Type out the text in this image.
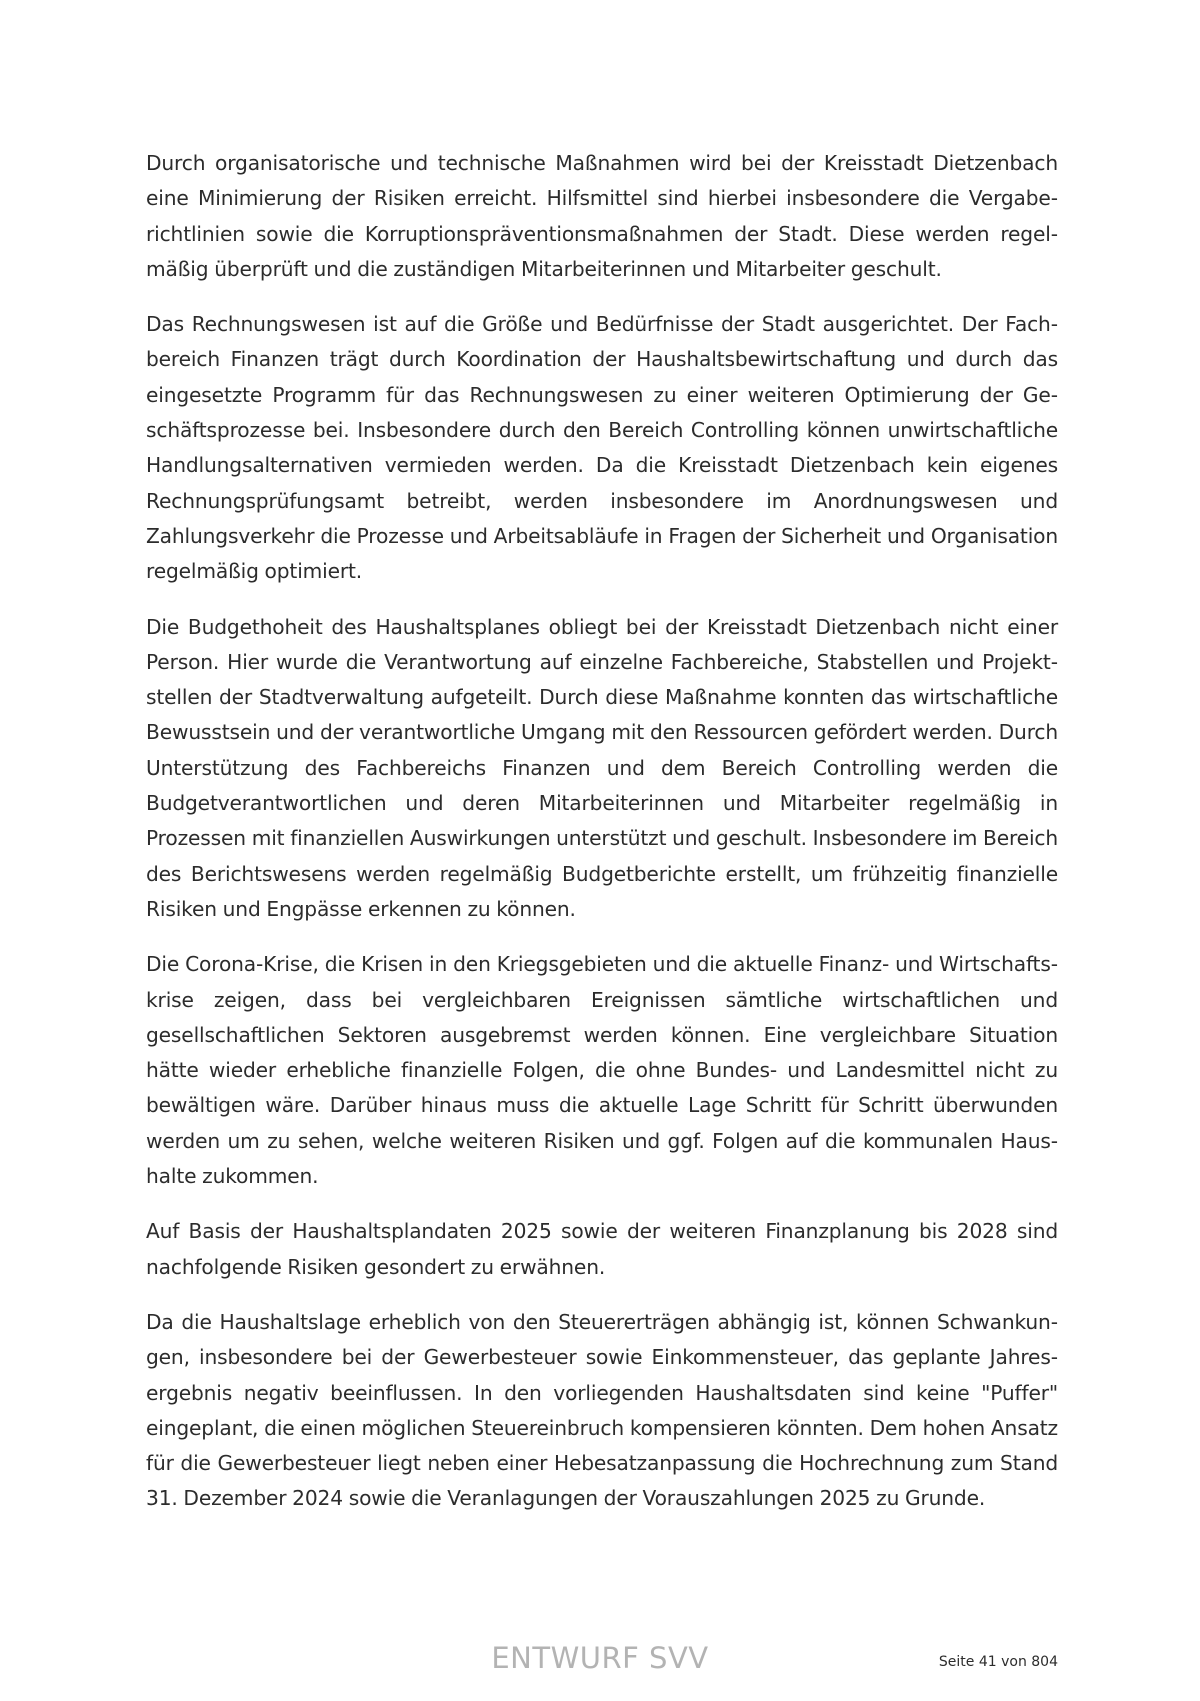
Durch organisatorische und technische Maßnahmen wird bei der Kreisstadt Dietzenbach eine Minimierung der Risiken erreicht. Hilfsmittel sind hierbei insbesondere die Vergaberichtlinien sowie die Korruptionspräventionsmaßnahmen der Stadt. Diese werden regelmäßig überprüft und die zuständigen Mitarbeiterinnen und Mitarbeiter geschult.

Das Rechnungswesen ist auf die Größe und Bedürfnisse der Stadt ausgerichtet. Der Fachbereich Finanzen trägt durch Koordination der Haushaltsbewirtschaftung und durch das eingesetzte Programm für das Rechnungswesen zu einer weiteren Optimierung der Geschäftsprozesse bei. Insbesondere durch den Bereich Controlling können unwirtschaftliche Handlungsalternativen vermieden werden. Da die Kreisstadt Dietzenbach kein eigenes Rechnungsprüfungsamt betreibt, werden insbesondere im Anordnungswesen und Zahlungsverkehr die Prozesse und Arbeitsabläufe in Fragen der Sicherheit und Organisation regelmäßig optimiert.

Die Budgethoheit des Haushaltsplanes obliegt bei der Kreisstadt Dietzenbach nicht einer Person. Hier wurde die Verantwortung auf einzelne Fachbereiche, Stabstellen und Projektstellen der Stadtverwaltung aufgeteilt. Durch diese Maßnahme konnten das wirtschaftliche Bewusstsein und der verantwortliche Umgang mit den Ressourcen gefördert werden. Durch Unterstützung des Fachbereichs Finanzen und dem Bereich Controlling werden die Budgetverantwortlichen und deren Mitarbeiterinnen und Mitarbeiter regelmäßig in Prozessen mit finanziellen Auswirkungen unterstützt und geschult. Insbesondere im Bereich des Berichtswesens werden regelmäßig Budgetberichte erstellt, um frühzeitig finanzielle Risiken und Engpässe erkennen zu können.

Die Corona-Krise, die Krisen in den Kriegsgebieten und die aktuelle Finanz- und Wirtschaftskrise zeigen, dass bei vergleichbaren Ereignissen sämtliche wirtschaftlichen und gesellschaftlichen Sektoren ausgebremst werden können. Eine vergleichbare Situation hätte wieder erhebliche finanzielle Folgen, die ohne Bundes- und Landesmittel nicht zu bewältigen wäre. Darüber hinaus muss die aktuelle Lage Schritt für Schritt überwunden werden um zu sehen, welche weiteren Risiken und ggf. Folgen auf die kommunalen Haushalte zukommen.

Auf Basis der Haushaltsplandaten 2025 sowie der weiteren Finanzplanung bis 2028 sind nachfolgende Risiken gesondert zu erwähnen.

Da die Haushaltslage erheblich von den Steuererträgen abhängig ist, können Schwankungen, insbesondere bei der Gewerbesteuer sowie Einkommensteuer, das geplante Jahresergebnis negativ beeinflussen. In den vorliegenden Haushaltsdaten sind keine "Puffer" eingeplant, die einen möglichen Steuereinbruch kompensieren könnten. Dem hohen Ansatz für die Gewerbesteuer liegt neben einer Hebesatzanpassung die Hochrechnung zum Stand 31. Dezember 2024 sowie die Veranlagungen der Vorauszahlungen 2025 zu Grunde.

ENTWURF SVV	Seite 41 von 804
